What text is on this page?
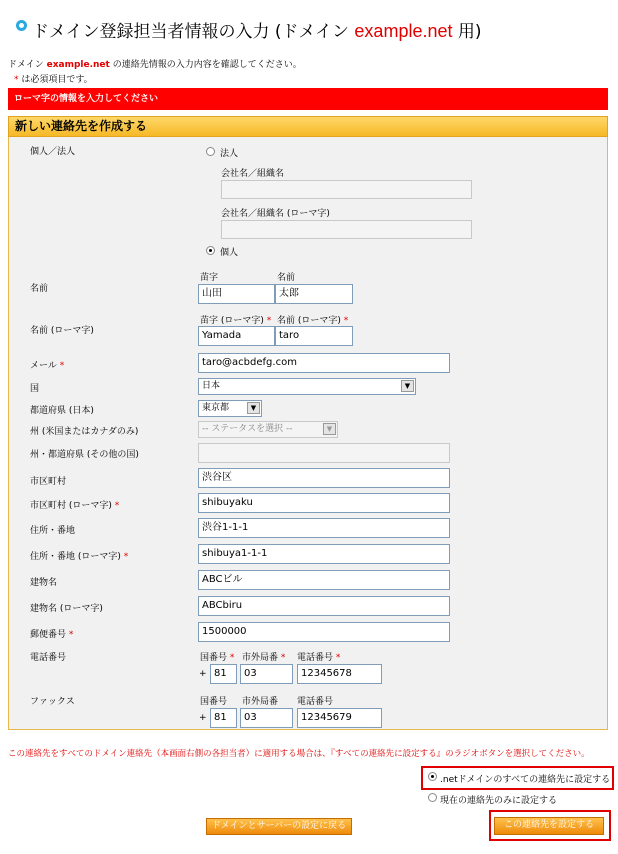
ドメイン登録担当者情報の入力 (ドメイン example.net 用)
ドメイン example.net の連絡先情報の入力内容を確認してください。
* は必須項目です。
ローマ字の情報を入力してください
新しい連絡先を作成する
個人／法人	法人
会社名／組織名
会社名／組織名 (ローマ字)
個人
名前
苗字	名前
山田	太郎
名前 (ローマ字)
苗字 (ローマ字) * 名前 (ローマ字) *
Yamada	taro
メール *	taro@acbdefg.com
国	日本	▼
都道府県 (日本)	東京都	▼
州 (米国またはカナダのみ)	-- ステータスを選択 --	▼
州・都道府県 (その他の国)
市区町村	渋谷区
市区町村 (ローマ字) *	shibuyaku
住所・番地	渋谷1-1-1
住所・番地 (ローマ字) *	shibuya1-1-1
建物名	ABCビル
建物名 (ローマ字)	ABCbiru
郵便番号 *	1500000
電話番号	国番号 * 市外局番 * 電話番号 *
+ 81	03	12345678
ファックス	国番号 市外局番 電話番号
+ 81	03	12345679
この連絡先をすべてのドメイン連絡先（本画面右側の各担当者）に適用する場合は、『すべての連絡先に設定する』のラジオボタンを選択してください。
.netドメインのすべての連絡先に設定する
現在の連絡先のみに設定する
ドメインとサーバーの設定に戻る	この連絡先を設定する
